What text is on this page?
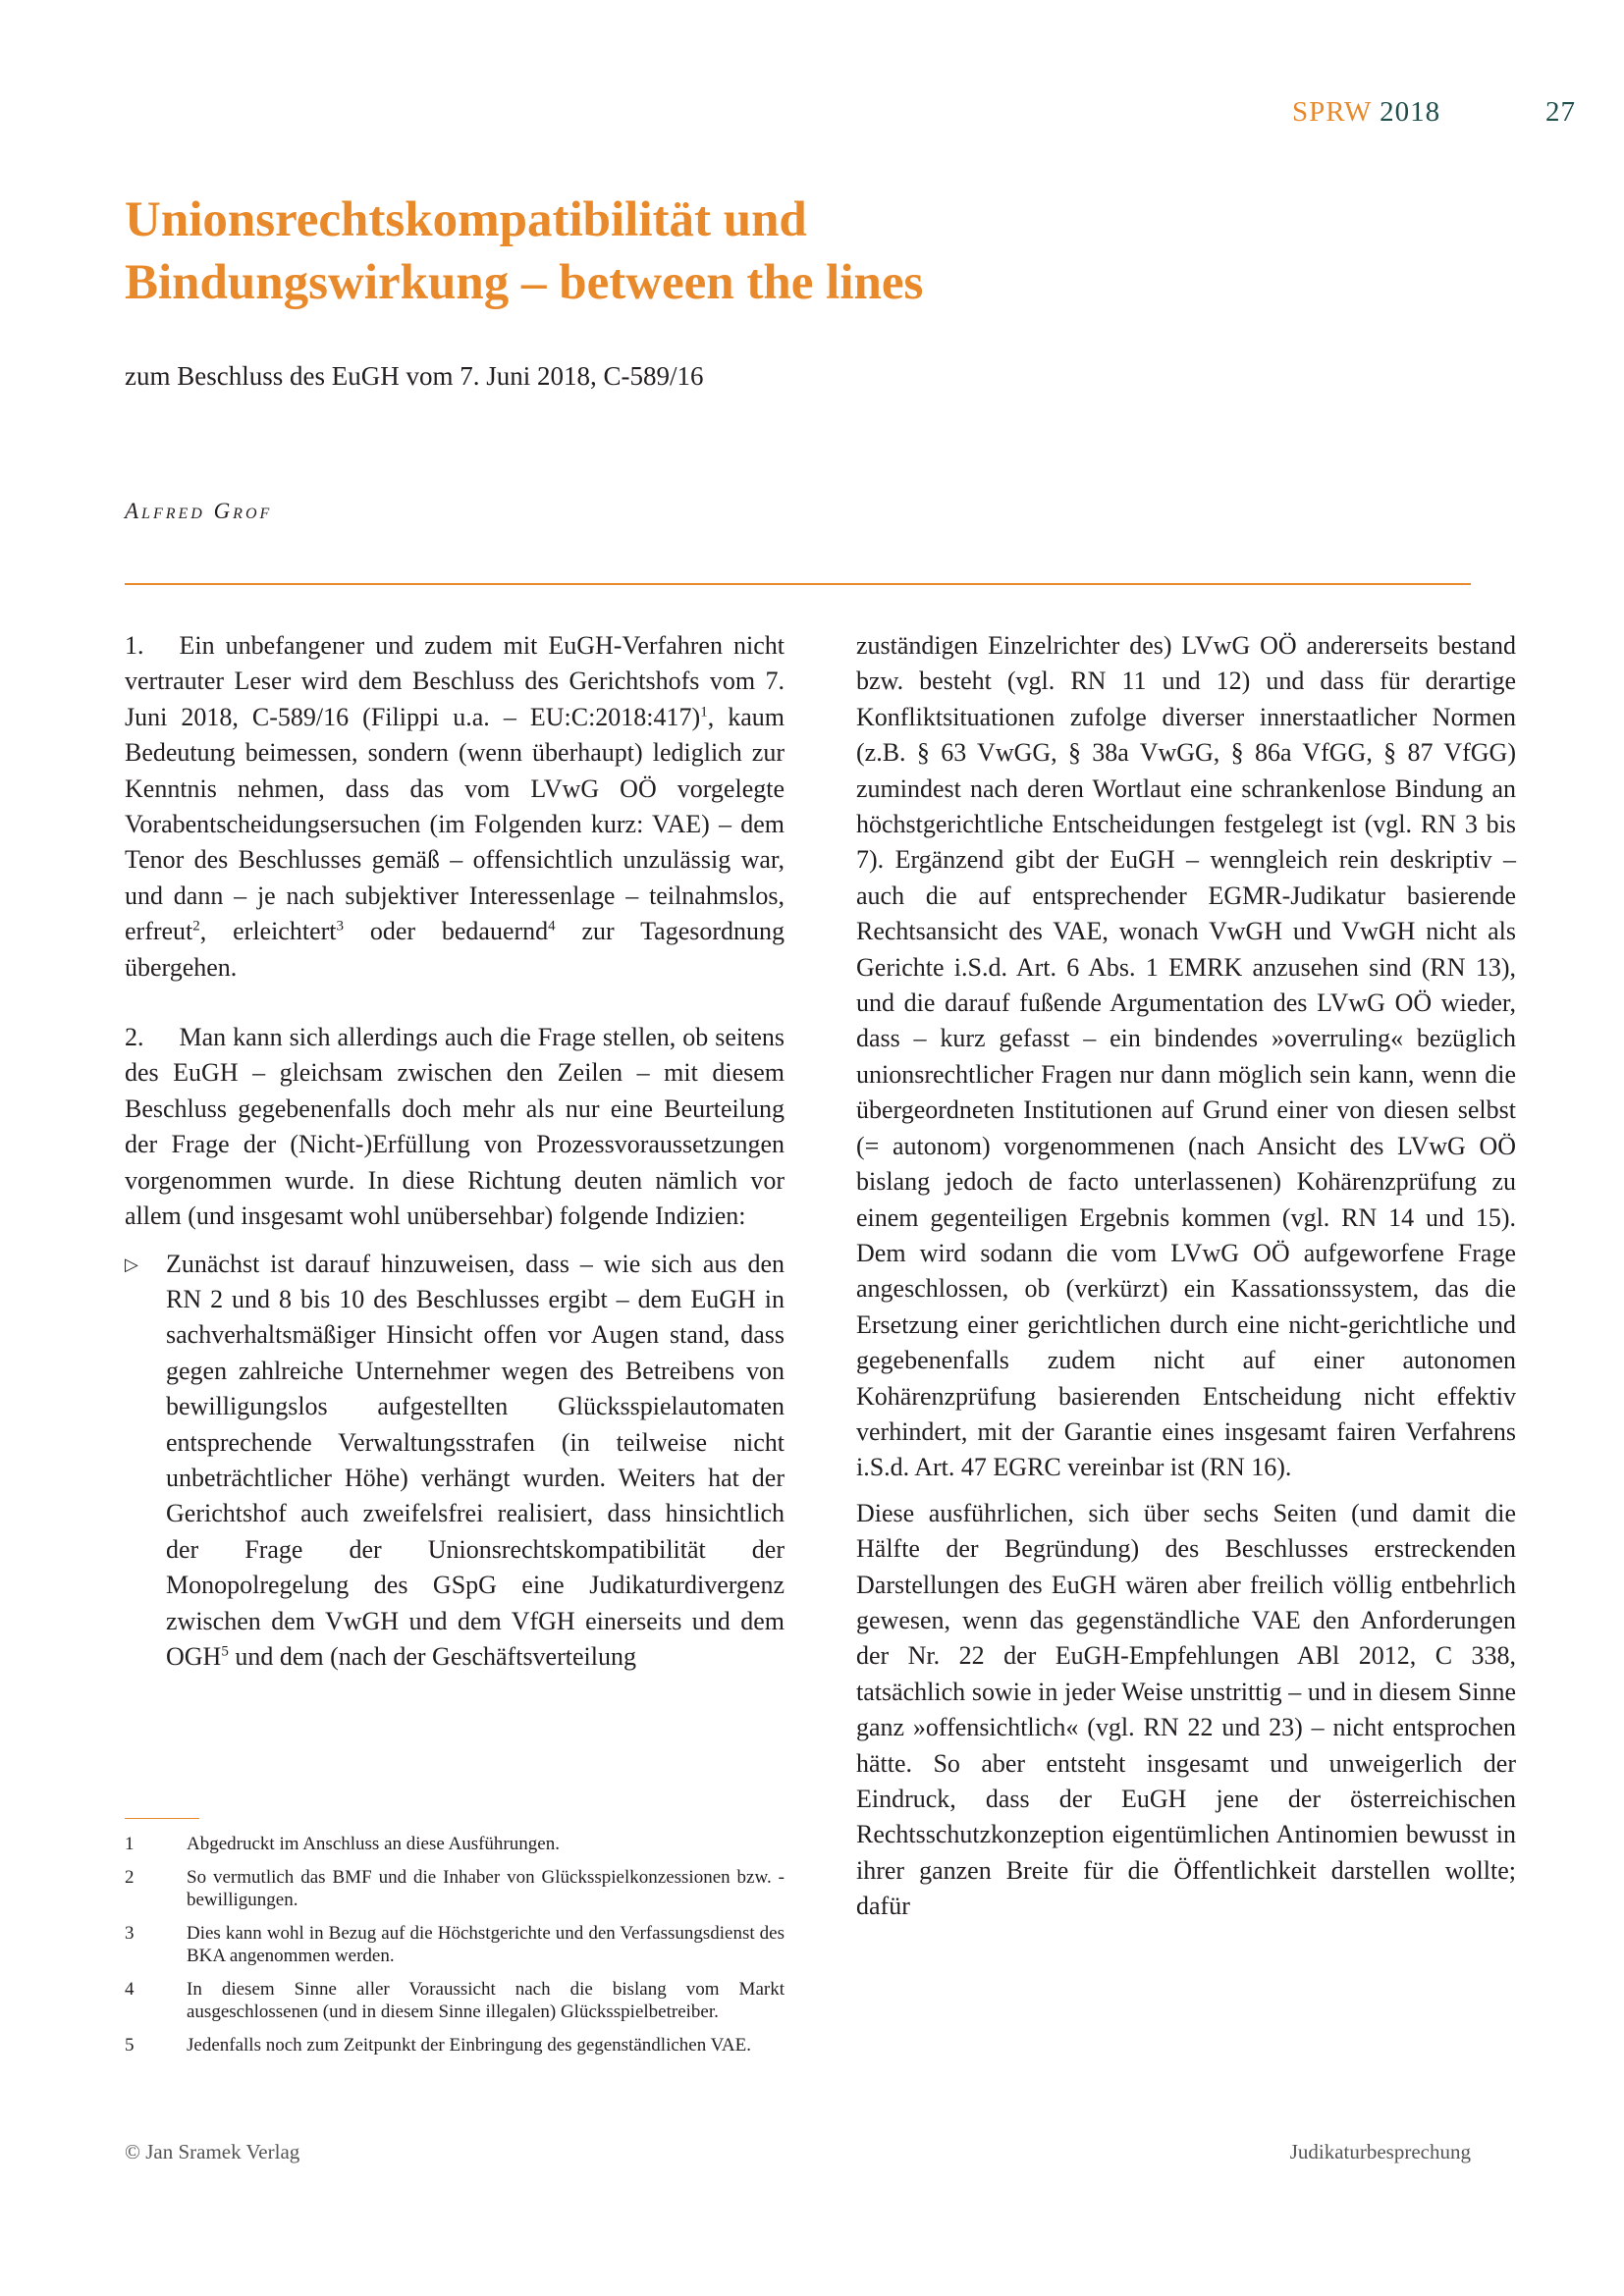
SPRW 2018	27
Unionsrechtskompatibilität und
Bindungswirkung – between the lines
zum Beschluss des EuGH vom 7. Juni 2018, C-589/16
Alfred Grof

1. Ein unbefangener und zudem mit EuGH-Verfahren nicht vertrauter Leser wird dem Beschluss des Gerichtshofs vom 7. Juni 2018, C-589/16 (Filippi u.a. – EU:C:2018:417)$^1$, kaum Bedeutung beimessen, sondern (wenn überhaupt) lediglich zur Kenntnis nehmen, dass das vom LVwG OÖ vorgelegte Vorabentscheidungsersuchen (im Folgenden kurz: VAE) – dem Tenor des Beschlusses gemäß – offensichtlich unzulässig war, und dann – je nach subjektiver Interessenlage – teilnahmslos, erfreut$^2$, erleichtert$^3$ oder bedauernd$^4$ zur Tagesordnung übergehen.

2. Man kann sich allerdings auch die Frage stellen, ob seitens des EuGH – gleichsam zwischen den Zeilen – mit diesem Beschluss gegebenenfalls doch mehr als nur eine Beurteilung der Frage der (Nicht-)Erfüllung von Prozessvoraussetzungen vorgenommen wurde. In diese Richtung deuten nämlich vor allem (und insgesamt wohl unübersehbar) folgende Indizien:

▷ Zunächst ist darauf hinzuweisen, dass – wie sich aus den RN 2 und 8 bis 10 des Beschlusses ergibt – dem EuGH in sachverhaltsmäßiger Hinsicht offen vor Augen stand, dass gegen zahlreiche Unternehmer wegen des Betreibens von bewilligungslos aufgestellten Glücksspielautomaten entsprechende Verwaltungsstrafen (in teilweise nicht unbeträchtlicher Höhe) verhängt wurden. Weiters hat der Gerichtshof auch zweifelsfrei realisiert, dass hinsichtlich der Frage der Unionsrechtskompatibilität der Monopolregelung des GSpG eine Judikaturdivergenz zwischen dem VwGH und dem VfGH einerseits und dem OGH$^5$ und dem (nach der Geschäftsverteilung

zuständigen Einzelrichter des) LVwG OÖ andererseits bestand bzw. besteht (vgl. RN 11 und 12) und dass für derartige Konfliktsituationen zufolge diverser innerstaatlicher Normen (z.B. § 63 VwGG, § 38a VwGG, § 86a VfGG, § 87 VfGG) zumindest nach deren Wortlaut eine schrankenlose Bindung an höchstgerichtliche Entscheidungen festgelegt ist (vgl. RN 3 bis 7). Ergänzend gibt der EuGH – wenngleich rein deskriptiv – auch die auf entsprechender EGMR-Judikatur basierende Rechtsansicht des VAE, wonach VwGH und VwGH nicht als Gerichte i.S.d. Art. 6 Abs. 1 EMRK anzusehen sind (RN 13), und die darauf fußende Argumentation des LVwG OÖ wieder, dass – kurz gefasst – ein bindendes »overruling« bezüglich unionsrechtlicher Fragen nur dann möglich sein kann, wenn die übergeordneten Institutionen auf Grund einer von diesen selbst (= autonom) vorgenommenen (nach Ansicht des LVwG OÖ bislang jedoch de facto unterlassenen) Kohärenzprüfung zu einem gegenteiligen Ergebnis kommen (vgl. RN 14 und 15). Dem wird sodann die vom LVwG OÖ aufgeworfene Frage angeschlossen, ob (verkürzt) ein Kassationssystem, das die Ersetzung einer gerichtlichen durch eine nicht-gerichtliche und gegebenenfalls zudem nicht auf einer autonomen Kohärenzprüfung basierenden Entscheidung nicht effektiv verhindert, mit der Garantie eines insgesamt fairen Verfahrens i.S.d. Art. 47 EGRC vereinbar ist (RN 16).

Diese ausführlichen, sich über sechs Seiten (und damit die Hälfte der Begründung) des Beschlusses erstreckenden Darstellungen des EuGH wären aber freilich völlig entbehrlich gewesen, wenn das gegenständliche VAE den Anforderungen der Nr. 22 der EuGH-Empfehlungen ABl 2012, C 338, tatsächlich sowie in jeder Weise unstrittig – und in diesem Sinne ganz »offensichtlich« (vgl. RN 22 und 23) – nicht entsprochen hätte. So aber entsteht insgesamt und unweigerlich der Eindruck, dass der EuGH jene der österreichischen Rechtsschutzkonzeption eigentümlichen Antinomien bewusst in ihrer ganzen Breite für die Öffentlichkeit darstellen wollte; dafür

1	Abgedruckt im Anschluss an diese Ausführungen.
2	So vermutlich das BMF und die Inhaber von Glücksspielkonzessionen bzw. -bewilligungen.
3	Dies kann wohl in Bezug auf die Höchstgerichte und den Verfassungsdienst des BKA angenommen werden.
4	In diesem Sinne aller Voraussicht nach die bislang vom Markt ausgeschlossenen (und in diesem Sinne illegalen) Glücksspielbetreiber.
5	Jedenfalls noch zum Zeitpunkt der Einbringung des gegenständlichen VAE.
© Jan Sramek Verlag	Judikaturbesprechung
